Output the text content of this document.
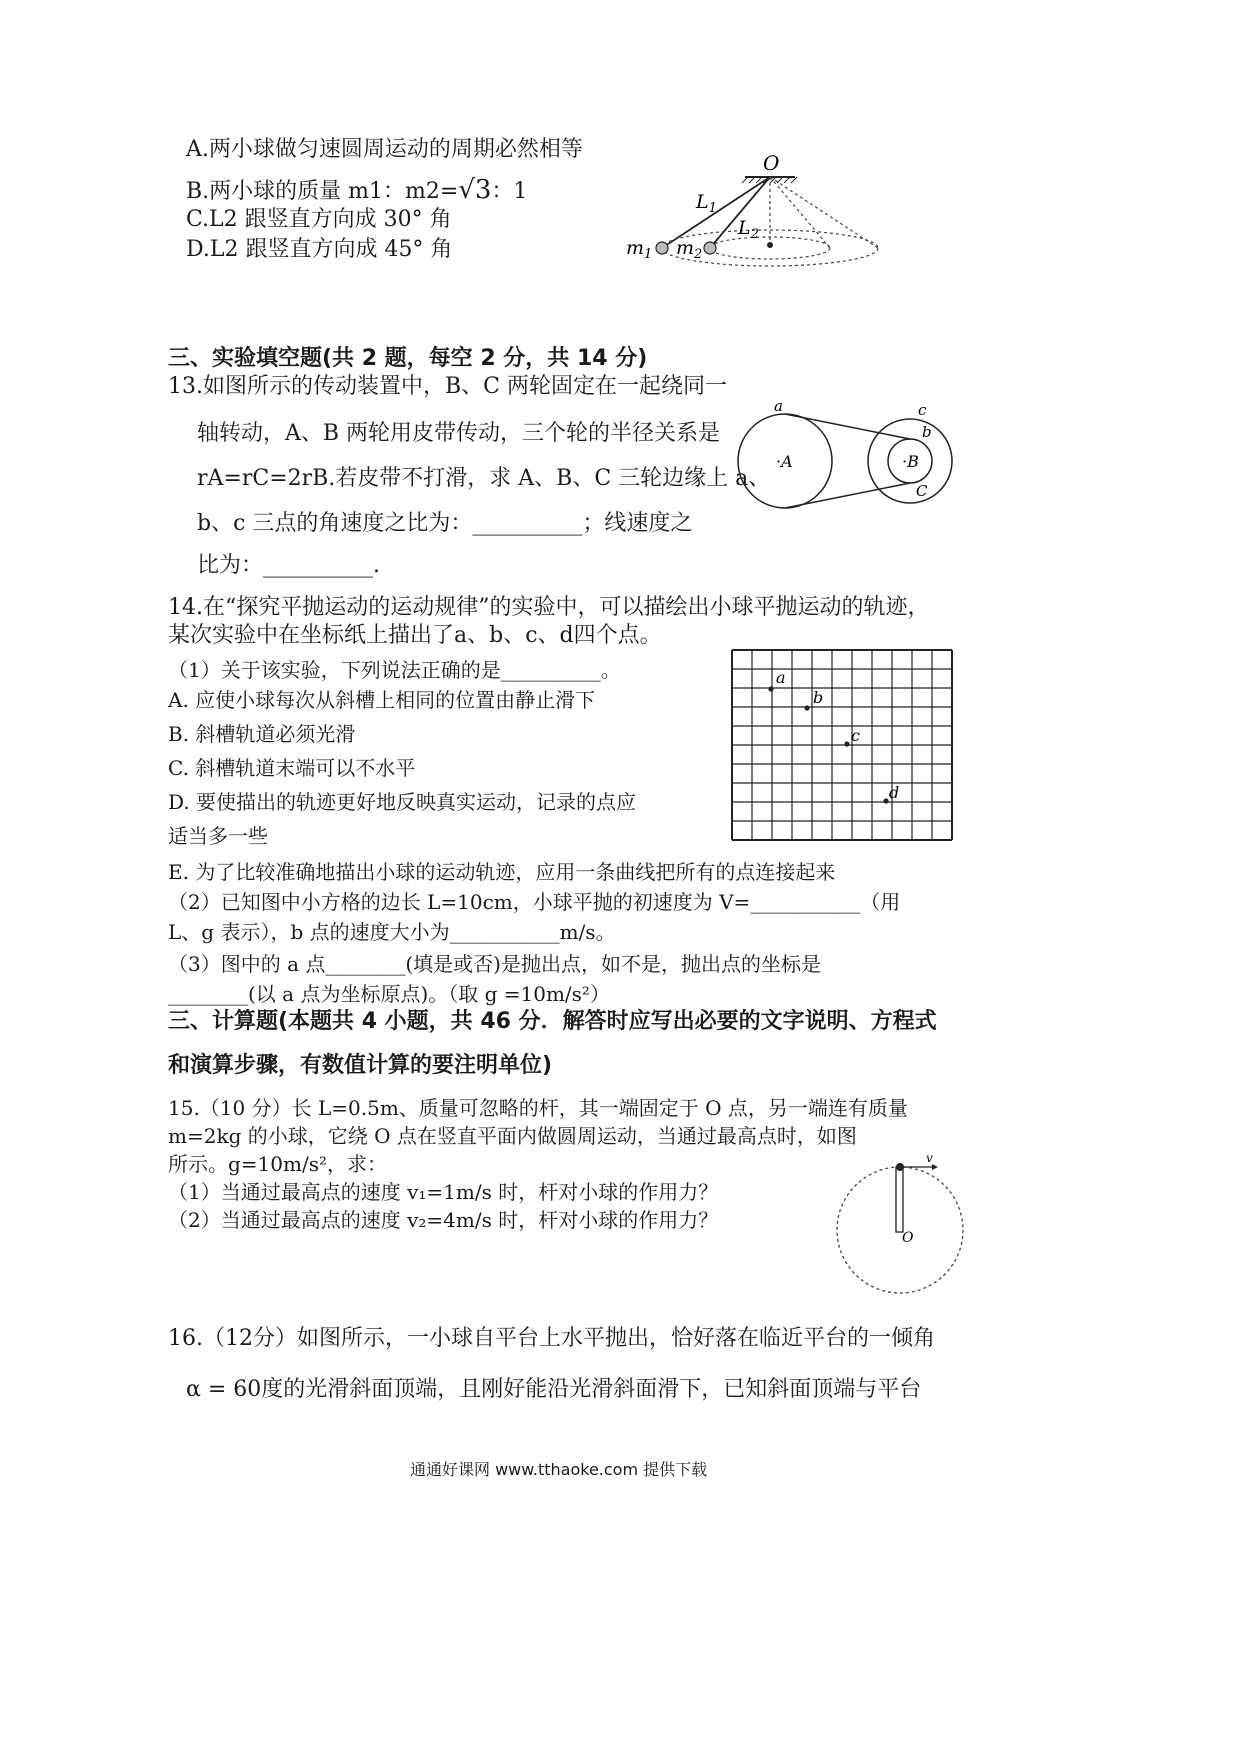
A.两小球做匀速圆周运动的周期必然相等
B.两小球的质量 m1：m2=√3：1
C.L2 跟竖直方向成 30° 角
D.L2 跟竖直方向成 45° 角
O
$L_1$
$L_2$
$m_1$ $m_2$
三、实验填空题(共 2 题，每空 2 分，共 14 分)
13.如图所示的传动装置中，B、C 两轮固定在一起绕同一
轴转动，A、B 两轮用皮带传动，三个轮的半径关系是
rA=rC=2rB.若皮带不打滑，求 A、B、C 三轮边缘上 a、
b、c 三点的角速度之比为：__________；线速度之
比为：__________.
a
·A
c
b
·B
C
14.在“探究平抛运动的运动规律”的实验中，可以描绘出小球平抛运动的轨迹，
某次实验中在坐标纸上描出了a、b、c、d四个点。
（1）关于该实验，下列说法正确的是__________。
A. 应使小球每次从斜槽上相同的位置由静止滑下
B. 斜槽轨道必须光滑
C. 斜槽轨道末端可以不水平
D. 要使描出的轨迹更好地反映真实运动，记录的点应
适当多一些
E. 为了比较准确地描出小球的运动轨迹，应用一条曲线把所有的点连接起来
（2）已知图中小方格的边长 L=10cm，小球平抛的初速度为 V=___________（用
L、g 表示），b 点的速度大小为___________m/s。
（3）图中的 a 点________(填是或否)是抛出点，如不是，抛出点的坐标是
________(以 a 点为坐标原点)。（取 g =10m/s²）
a
b
c
d
三、计算题(本题共 4 小题，共 46 分．解答时应写出必要的文字说明、方程式
和演算步骤，有数值计算的要注明单位)
15.（10 分）长 L=0.5m、质量可忽略的杆，其一端固定于 O 点，另一端连有质量
m=2kg 的小球，它绕 O 点在竖直平面内做圆周运动，当通过最高点时，如图
所示。g=10m/s²，求：
（1）当通过最高点的速度 v₁=1m/s 时，杆对小球的作用力？
（2）当通过最高点的速度 v₂=4m/s 时，杆对小球的作用力？
v
O
16.（12分）如图所示，一小球自平台上水平抛出，恰好落在临近平台的一倾角
α = 60度的光滑斜面顶端，且刚好能沿光滑斜面滑下，已知斜面顶端与平台
通通好课网 www.tthaoke.com 提供下载
